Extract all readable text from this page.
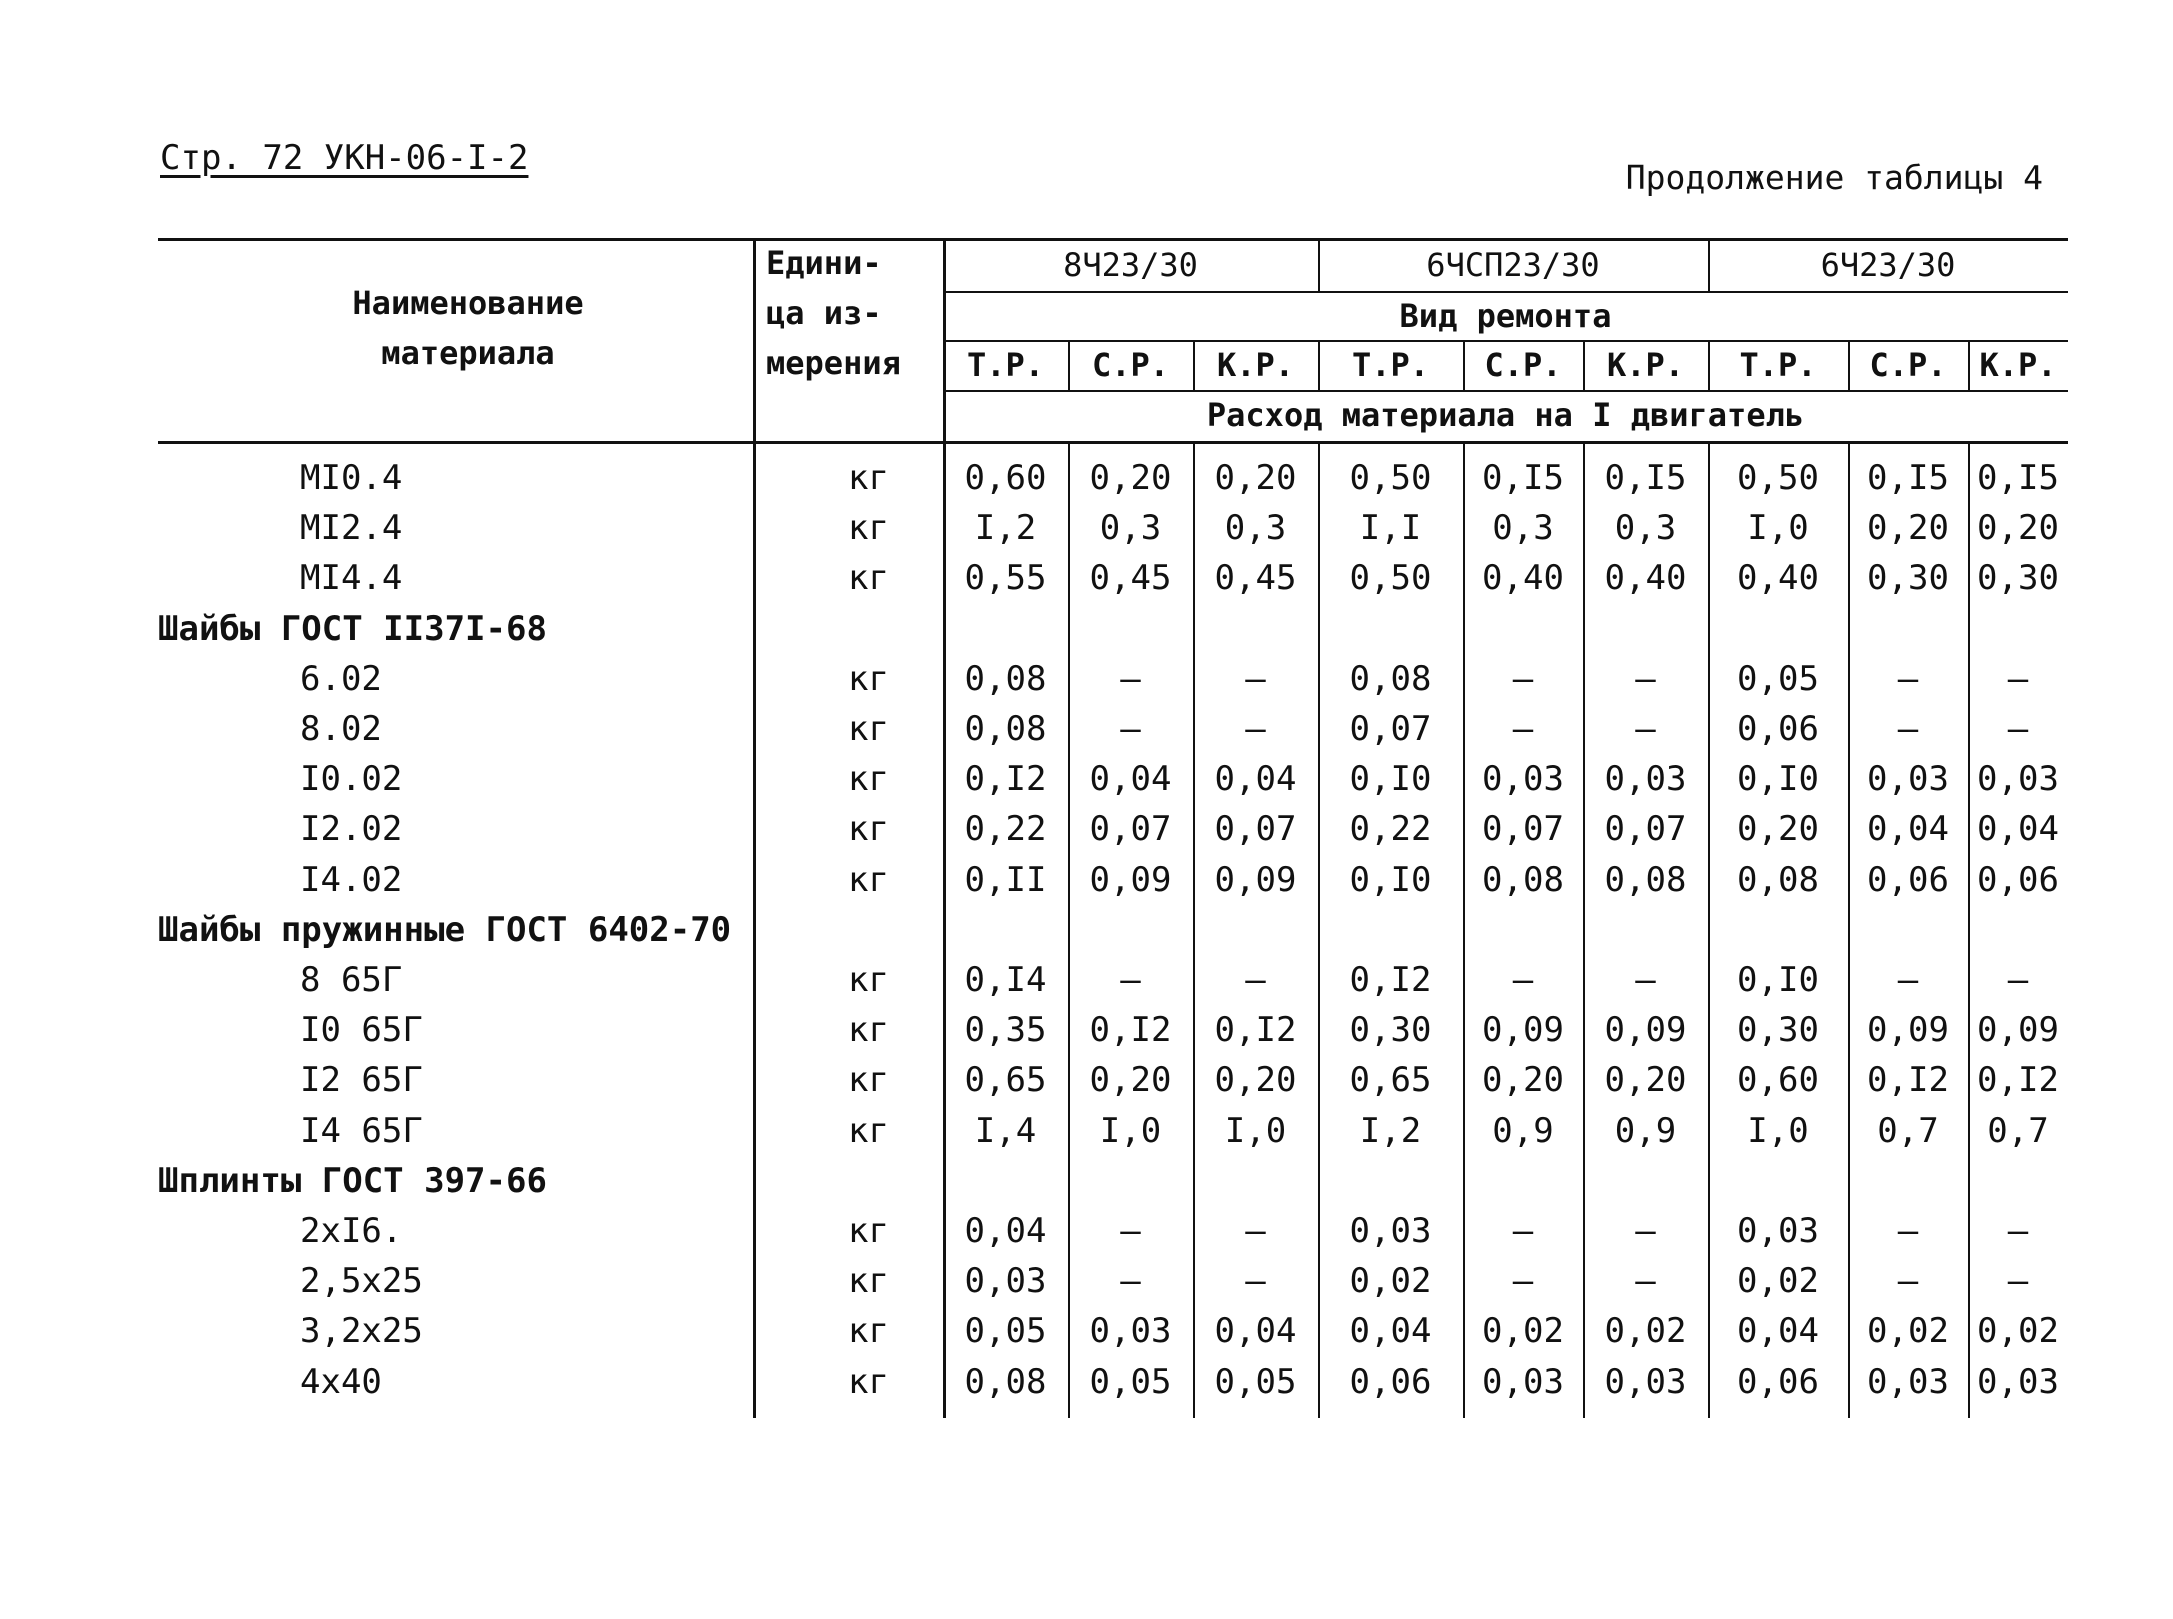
Стр. 72 УКН-06-I-2	Продолжение таблицы 4
Наименование материала
Едини-
ца из-
мерения
8Ч23/30	6ЧСП23/30	6Ч23/30
Вид ремонта
Расход материала на I двигатель
Т.Р.	С.Р.	К.Р.	Т.Р.	С.Р.	К.Р.	Т.Р.	С.Р.	К.Р.
MI0.4	кг	0,60	0,20	0,20	0,50	0,I5	0,I5	0,50	0,I5 0,I5
MI2.4	кг	I,2	0,3	0,3	I,I	0,3	0,3	I,0	0,20 0,20
MI4.4	кг	0,55	0,45	0,45	0,50	0,40	0,40	0,40	0,30 0,30
Шайбы ГОСТ II37I-68
6.02	кг	0,08	–	–	0,08	–	–	0,05	–	–
8.02	кг	0,08	–	–	0,07	–	–	0,06	–	–
I0.02	кг	0,I2	0,04	0,04	0,I0	0,03	0,03	0,I0	0,03 0,03
I2.02	кг	0,22	0,07	0,07	0,22	0,07	0,07	0,20	0,04 0,04
I4.02	кг	0,II	0,09	0,09	0,I0	0,08	0,08	0,08	0,06 0,06
Шайбы пружинные ГОСТ 6402-70
8 65Г	кг	0,I4	–	–	0,I2	–	–	0,I0	–	–
I0 65Г	кг	0,35	0,I2	0,I2	0,30	0,09	0,09	0,30	0,09 0,09
I2 65Г	кг	0,65	0,20	0,20	0,65	0,20	0,20	0,60	0,I2 0,I2
I4 65Г	кг	I,4	I,0	I,0	I,2	0,9	0,9	I,0	0,7	0,7
Шплинты ГОСТ 397-66
2xI6.	кг	0,04	–	–	0,03	–	–	0,03	–	–
2,5x25	кг	0,03	–	–	0,02	–	–	0,02	–	–
3,2x25	кг	0,05	0,03	0,04	0,04	0,02	0,02	0,04	0,02 0,02
4x40	кг	0,08	0,05	0,05	0,06	0,03	0,03	0,06	0,03 0,03
